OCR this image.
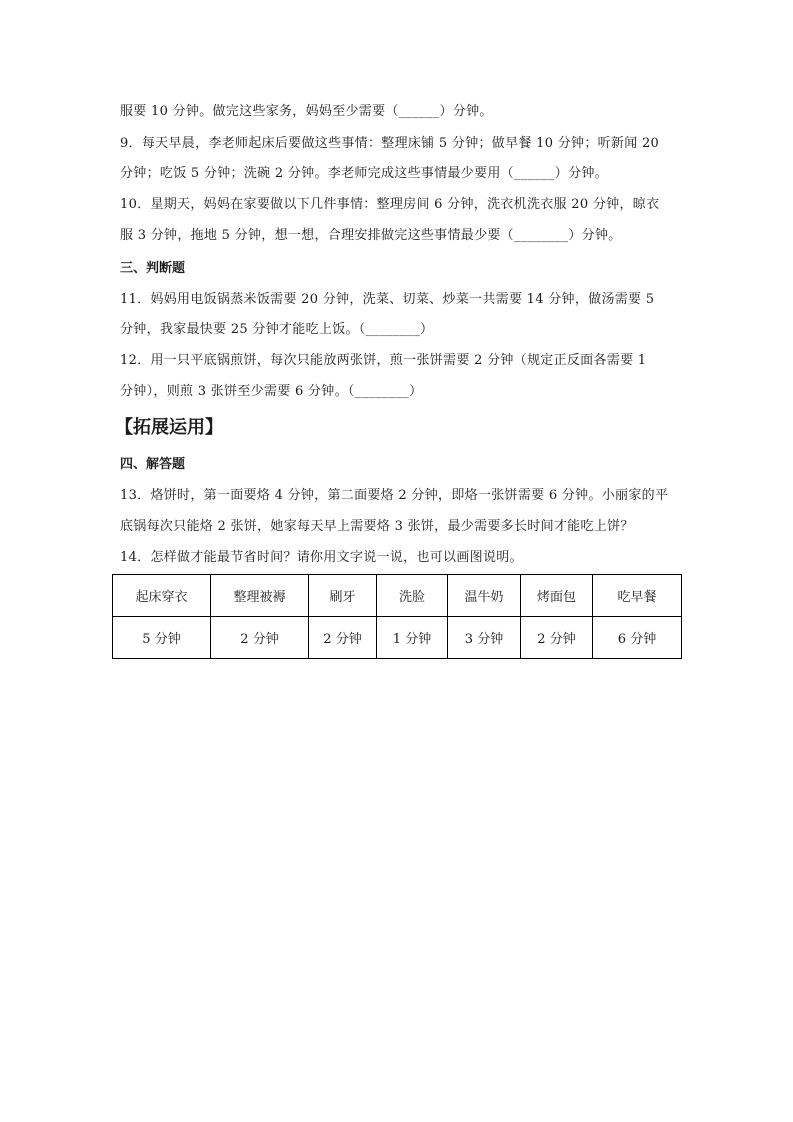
服要 10 分钟。做完这些家务，妈妈至少需要（______）分钟。
9．每天早晨，李老师起床后要做这些事情：整理床铺 5 分钟；做早餐 10 分钟；听新闻 20
分钟；吃饭 5 分钟；洗碗 2 分钟。李老师完成这些事情最少要用（______）分钟。
10．星期天，妈妈在家要做以下几件事情：整理房间 6 分钟，洗衣机洗衣服 20 分钟，晾衣
服 3 分钟，拖地 5 分钟，想一想，合理安排做完这些事情最少要（________）分钟。
三、判断题
11．妈妈用电饭锅蒸米饭需要 20 分钟，洗菜、切菜、炒菜一共需要 14 分钟，做汤需要 5
分钟，我家最快要 25 分钟才能吃上饭。（________）
12．用一只平底锅煎饼，每次只能放两张饼，煎一张饼需要 2 分钟（规定正反面各需要 1
分钟），则煎 3 张饼至少需要 6 分钟。（________）
【拓展运用】
四、解答题
13．烙饼时，第一面要烙 4 分钟，第二面要烙 2 分钟，即烙一张饼需要 6 分钟。小丽家的平
底锅每次只能烙 2 张饼，她家每天早上需要烙 3 张饼，最少需要多长时间才能吃上饼？
14．怎样做才能最节省时间？请你用文字说一说，也可以画图说明。
起床穿衣	整理被褥	刷牙	洗脸	温牛奶	烤面包	吃早餐
5 分钟	2 分钟	2 分钟	1 分钟	3 分钟	2 分钟	6 分钟
